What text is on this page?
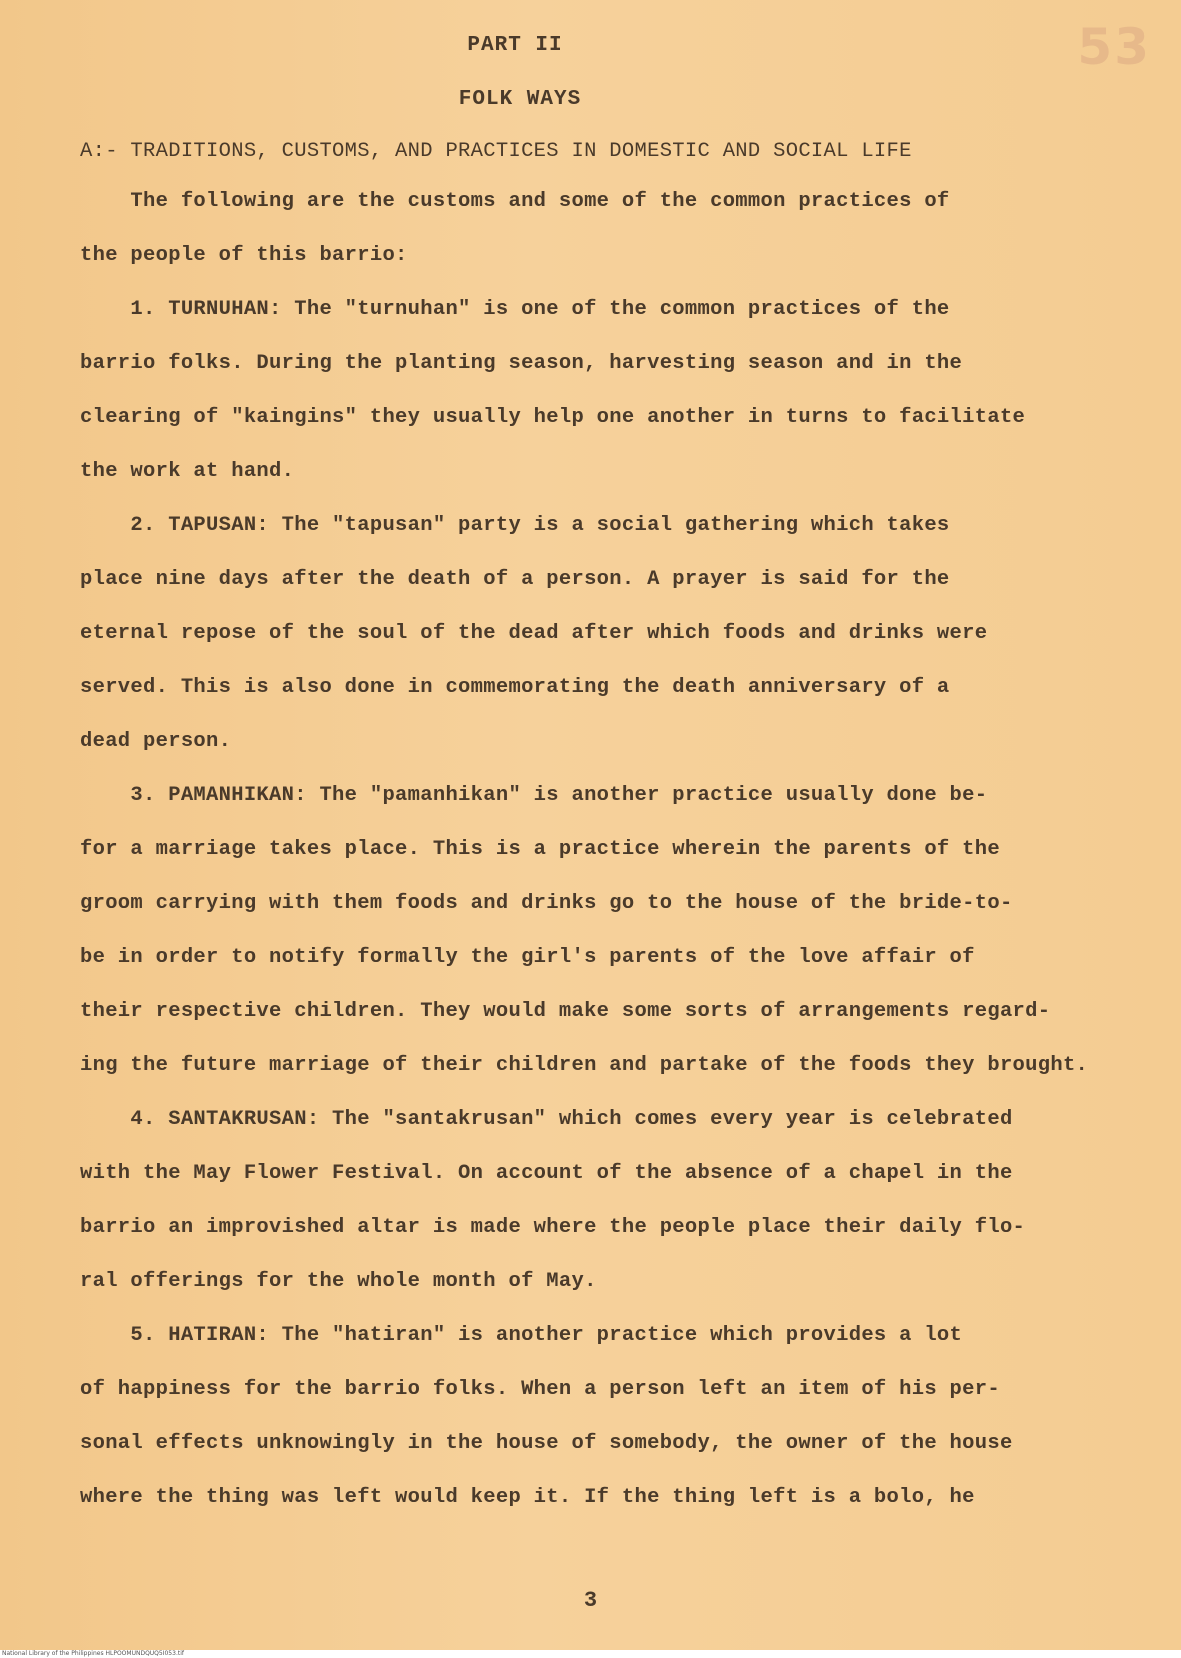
53
PART II
FOLK WAYS
A:- TRADITIONS, CUSTOMS, AND PRACTICES IN DOMESTIC AND SOCIAL LIFE
The following are the customs and some of the common practices of
the people of this barrio:
1. TURNUHAN: The "turnuhan" is one of the common practices of the
barrio folks. During the planting season, harvesting season and in the
clearing of "kaingins" they usually help one another in turns to facilitate
the work at hand.
2. TAPUSAN: The "tapusan" party is a social gathering which takes
place nine days after the death of a person. A prayer is said for the
eternal repose of the soul of the dead after which foods and drinks were
served. This is also done in commemorating the death anniversary of a
dead person.
3. PAMANHIKAN: The "pamanhikan" is another practice usually done be-
for a marriage takes place. This is a practice wherein the parents of the
groom carrying with them foods and drinks go to the house of the bride-to-
be in order to notify formally the girl's parents of the love affair of
their respective children. They would make some sorts of arrangements regard-
ing the future marriage of their children and partake of the foods they brought.
4. SANTAKRUSAN: The "santakrusan" which comes every year is celebrated
with the May Flower Festival. On account of the absence of a chapel in the
barrio an improvished altar is made where the people place their daily flo-
ral offerings for the whole month of May.
5. HATIRAN: The "hatiran" is another practice which provides a lot
of happiness for the barrio folks. When a person left an item of his per-
sonal effects unknowingly in the house of somebody, the owner of the house
where the thing was left would keep it. If the thing left is a bolo, he
3
National Library of the Philippines HLPOOMUNDQUQ5I053.tif
